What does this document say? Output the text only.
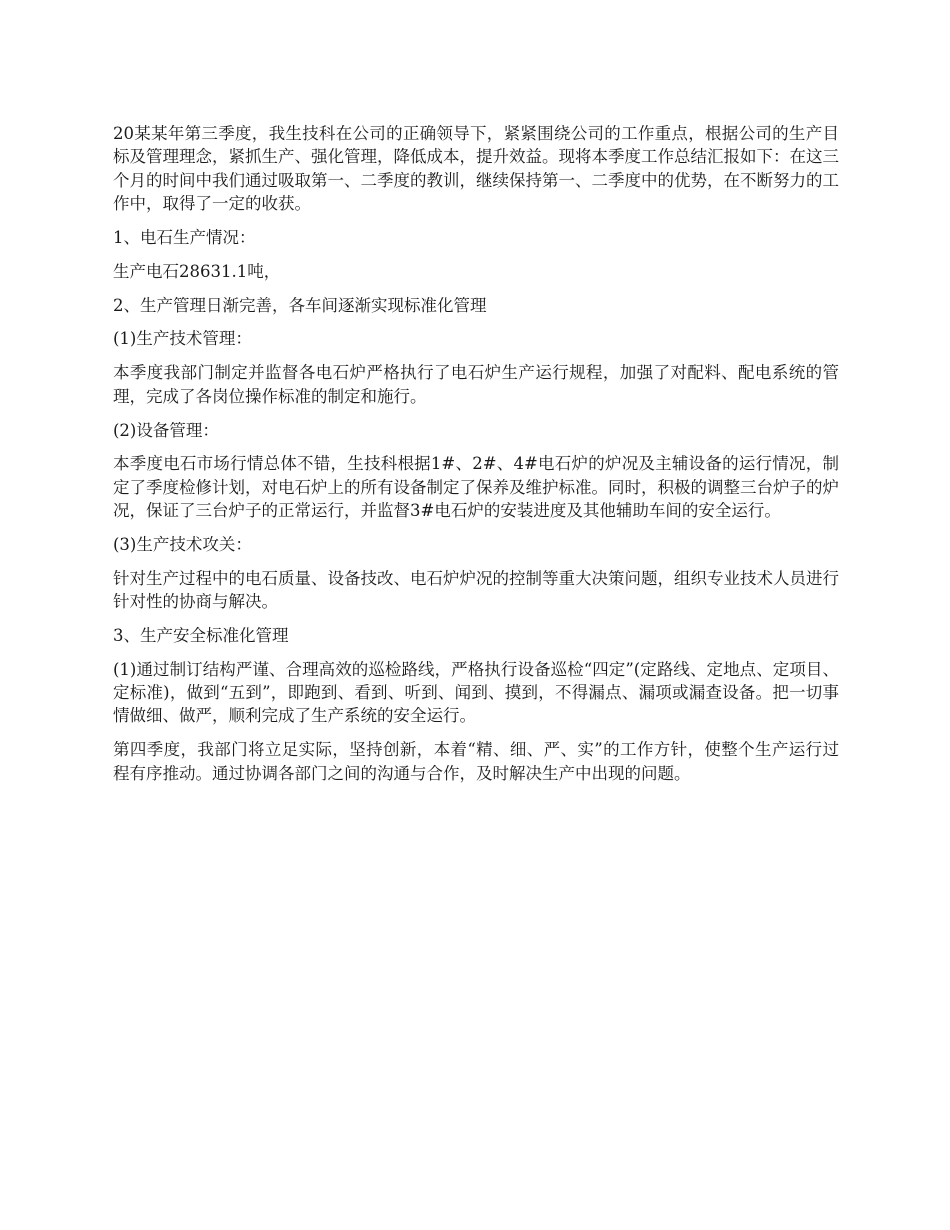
20某某年第三季度，我生技科在公司的正确领导下，紧紧围绕公司的工作重点，根据公司的生产目标及管理理念，紧抓生产、强化管理，降低成本，提升效益。现将本季度工作总结汇报如下：在这三个月的时间中我们通过吸取第一、二季度的教训，继续保持第一、二季度中的优势，在不断努力的工作中，取得了一定的收获。

1、电石生产情况：

生产电石28631.1吨，

2、生产管理日渐完善，各车间逐渐实现标准化管理

(1)生产技术管理：

本季度我部门制定并监督各电石炉严格执行了电石炉生产运行规程，加强了对配料、配电系统的管理，完成了各岗位操作标准的制定和施行。

(2)设备管理：

本季度电石市场行情总体不错，生技科根据1#、2#、4#电石炉的炉况及主辅设备的运行情况，制定了季度检修计划，对电石炉上的所有设备制定了保养及维护标准。同时，积极的调整三台炉子的炉况，保证了三台炉子的正常运行，并监督3#电石炉的安装进度及其他辅助车间的安全运行。

(3)生产技术攻关：

针对生产过程中的电石质量、设备技改、电石炉炉况的控制等重大决策问题，组织专业技术人员进行针对性的协商与解决。

3、生产安全标准化管理

(1)通过制订结构严谨、合理高效的巡检路线，严格执行设备巡检“四定”(定路线、定地点、定项目、定标准)，做到“五到”，即跑到、看到、听到、闻到、摸到，不得漏点、漏项或漏查设备。把一切事情做细、做严，顺利完成了生产系统的安全运行。

第四季度，我部门将立足实际，坚持创新，本着“精、细、严、实”的工作方针，使整个生产运行过程有序推动。通过协调各部门之间的沟通与合作，及时解决生产中出现的问题。
